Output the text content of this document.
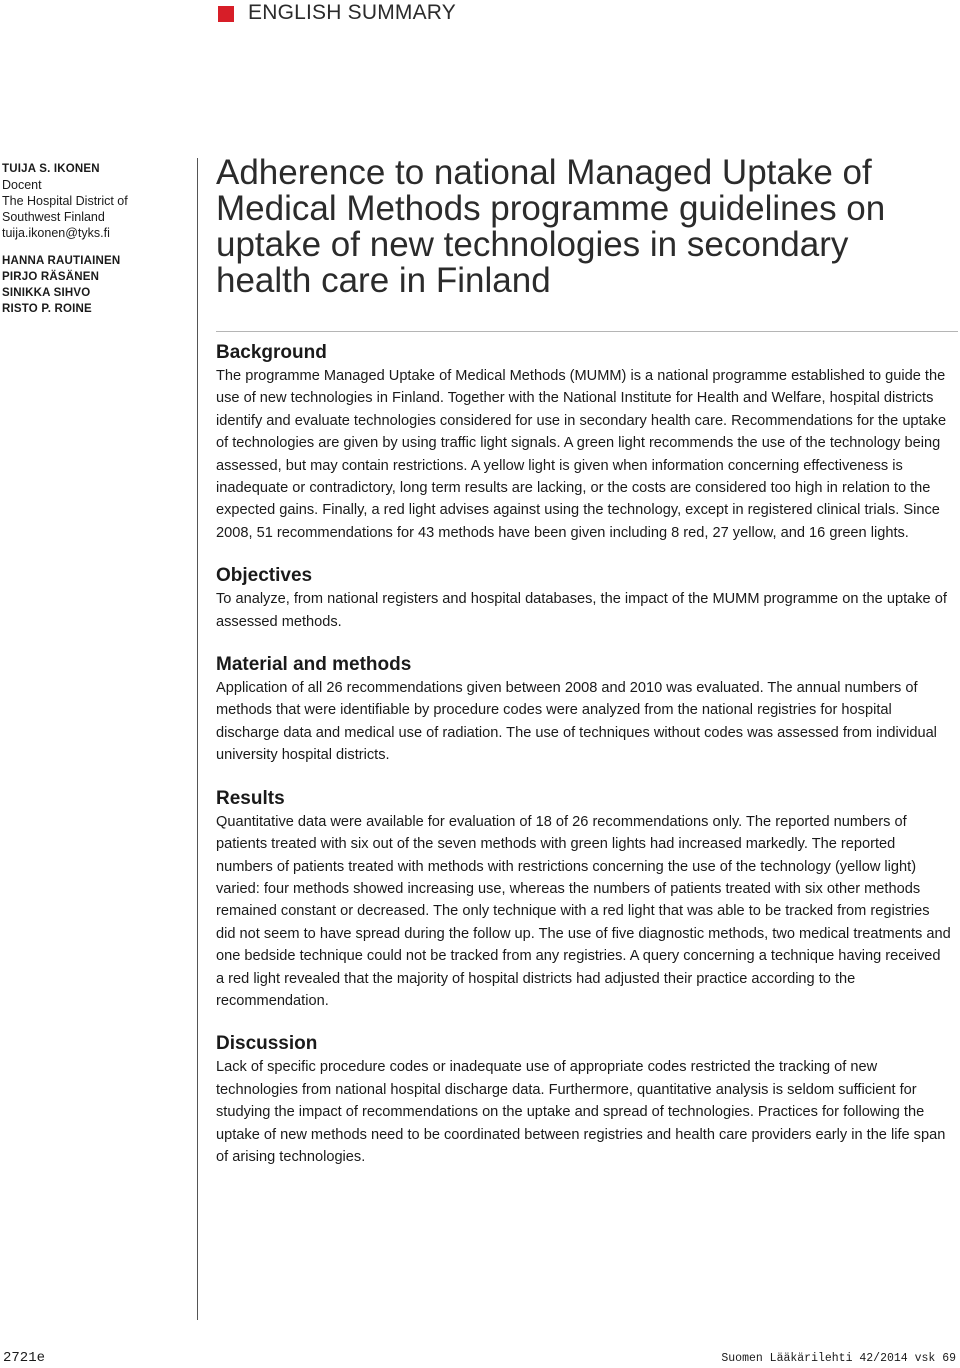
ENGLISH SUMMARY
TUIJA S. IKONEN
Docent
The Hospital District of
Southwest Finland
tuija.ikonen@tyks.fi
HANNA RAUTIAINEN
PIRJO RÄSÄNEN
SINIKKA SIHVO
RISTO P. ROINE
Adherence to national Managed Uptake of Medical Methods programme guidelines on uptake of new technologies in secondary health care in Finland
Background

The programme Managed Uptake of Medical Methods (MUMM) is a national programme established to guide the use of new technologies in Finland. Together with the National Institute for Health and Welfare, hospital districts identify and evaluate technologies considered for use in secondary health care. Recommendations for the uptake of technologies are given by using traffic light signals. A green light recommends the use of the technology being assessed, but may contain restrictions. A yellow light is given when information concerning effectiveness is inadequate or contradictory, long term results are lacking, or the costs are considered too high in relation to the expected gains. Finally, a red light advises against using the technology, except in registered clinical trials. Since 2008, 51 recommendations for 43 methods have been given including 8 red, 27 yellow, and 16 green lights.

Objectives

To analyze, from national registers and hospital databases, the impact of the MUMM programme on the uptake of assessed methods.

Material and methods

Application of all 26 recommendations given between 2008 and 2010 was evaluated. The annual numbers of methods that were identifiable by procedure codes were analyzed from the national registries for hospital discharge data and medical use of radiation. The use of techniques without codes was assessed from individual university hospital districts.

Results

Quantitative data were available for evaluation of 18 of 26 recommendations only. The reported numbers of patients treated with six out of the seven methods with green lights had increased markedly. The reported numbers of patients treated with methods with restrictions concerning the use of the technology (yellow light) varied: four methods showed increasing use, whereas the numbers of patients treated with six other methods remained constant or decreased. The only technique with a red light that was able to be tracked from registries did not seem to have spread during the follow up. The use of five diagnostic methods, two medical treatments and one bedside technique could not be tracked from any registries. A query concerning a technique having received a red light revealed that the majority of hospital districts had adjusted their practice according to the recommendation.

Discussion

Lack of specific procedure codes or inadequate use of appropriate codes restricted the tracking of new technologies from national hospital discharge data. Furthermore, quantitative analysis is seldom sufficient for studying the impact of recommendations on the uptake and spread of technologies. Practices for following the uptake of new methods need to be coordinated between registries and health care providers early in the life span of arising technologies.

2721e	Suomen Lääkärilehti 42/2014 vsk 69
